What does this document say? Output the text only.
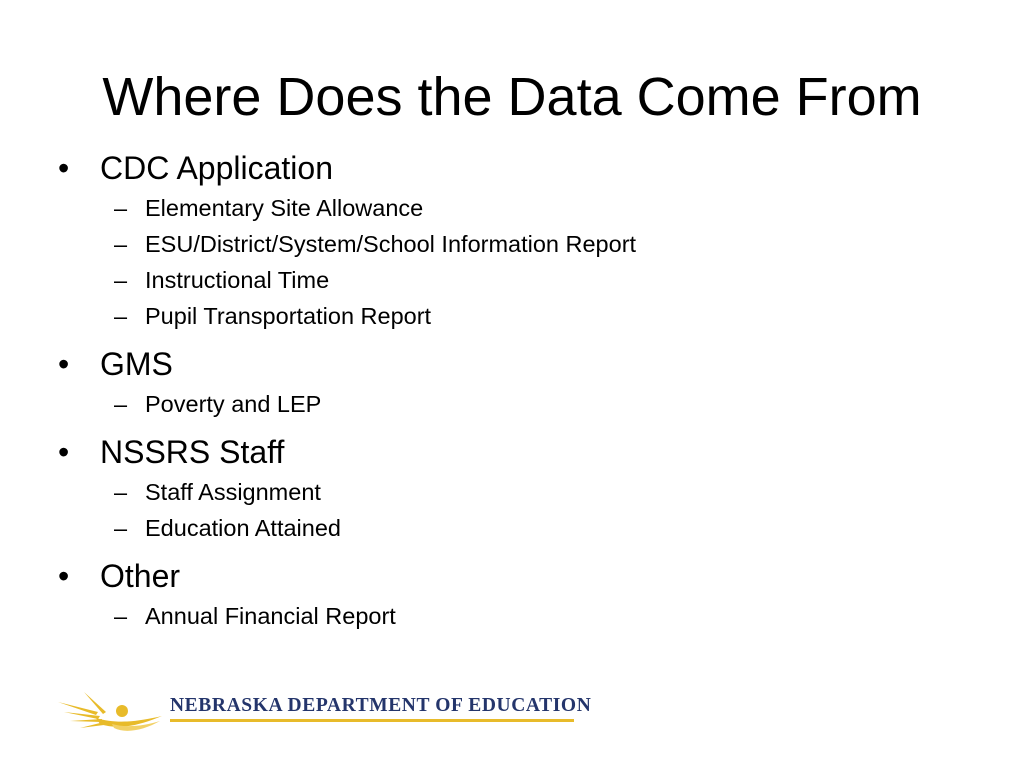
Where Does the Data Come From
• CDC Application
– Elementary Site Allowance
– ESU/District/System/School Information Report
– Instructional Time
– Pupil Transportation Report
• GMS
– Poverty and LEP
• NSSRS Staff
– Staff Assignment
– Education Attained
• Other
– Annual Financial Report
NEBRASKA DEPARTMENT OF EDUCATION
